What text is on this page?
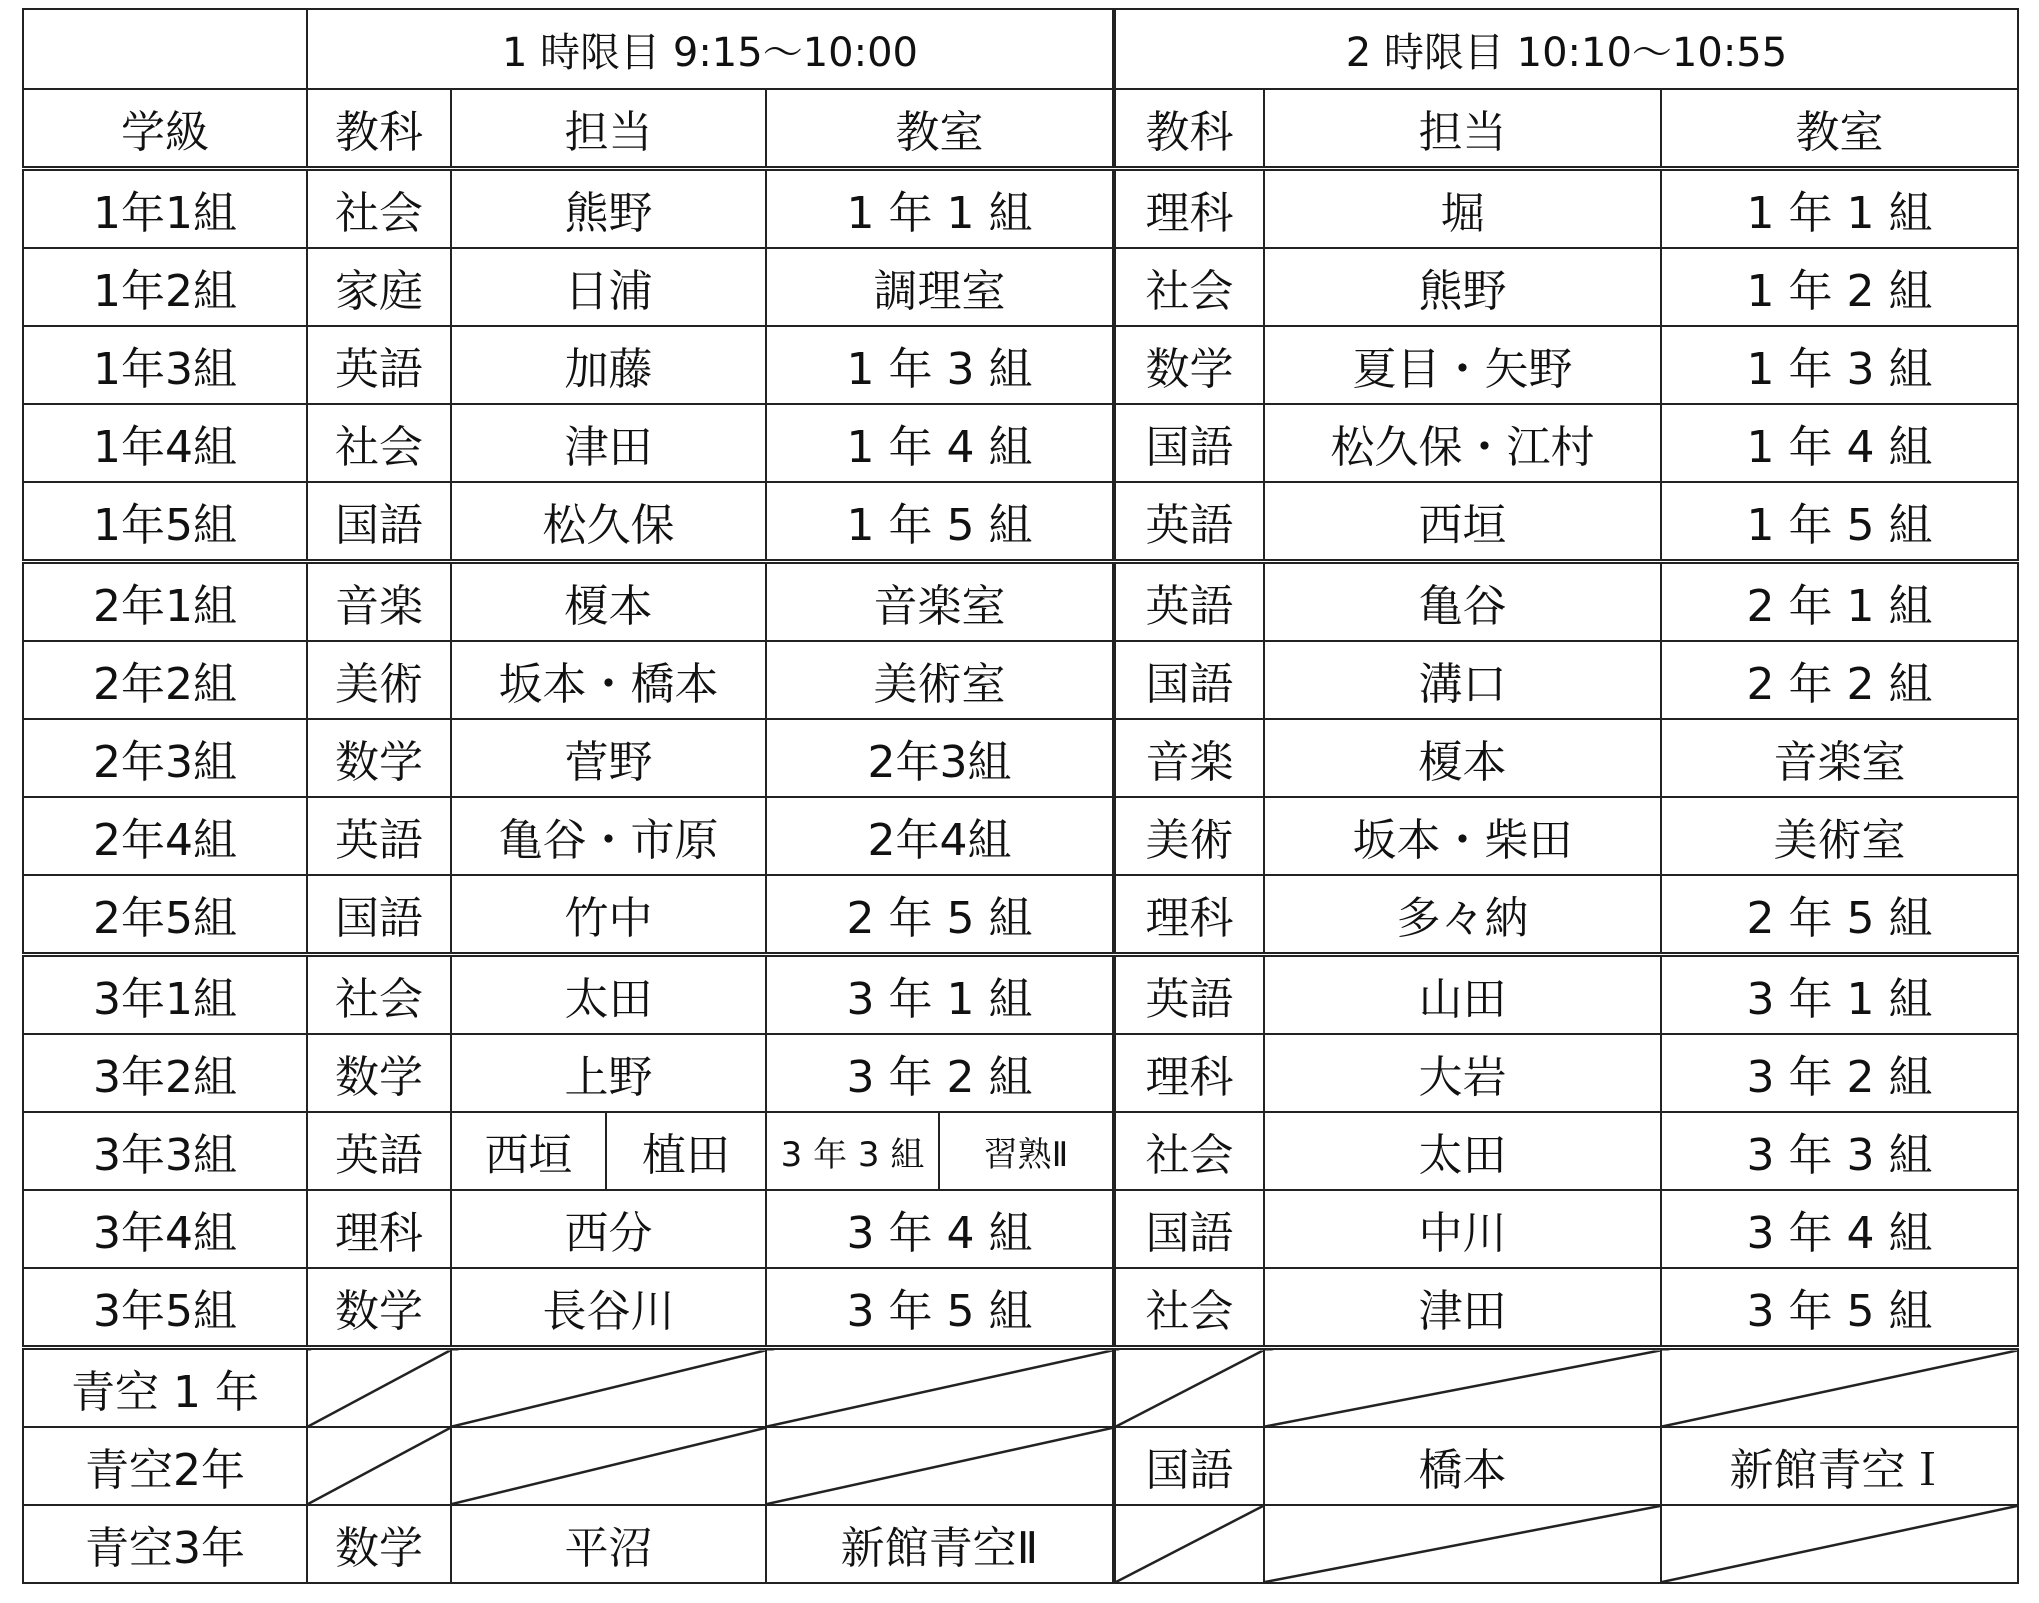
	1 時限目 9:15～10:00					2 時限目 10:10～10:55		
学級	教科	担当		教室		教科	担当	教室
1年1組	社会	熊野		1 年 1 組		理科	堀	1 年 1 組
1年2組	家庭	日浦		調理室		社会	熊野	1 年 2 組
1年3組	英語	加藤		1 年 3 組		数学	夏目・矢野	1 年 3 組
1年4組	社会	津田		1 年 4 組		国語	松久保・江村	1 年 4 組
1年5組	国語	松久保		1 年 5 組		英語	西垣	1 年 5 組
2年1組	音楽	榎本		音楽室		英語	亀谷	2 年 1 組
2年2組	美術	坂本・橋本		美術室		国語	溝口	2 年 2 組
2年3組	数学	菅野		2年3組		音楽	榎本	音楽室
2年4組	英語	亀谷・市原		2年4組		美術	坂本・柴田	美術室
2年5組	国語	竹中		2 年 5 組		理科	多々納	2 年 5 組
3年1組	社会	太田		3 年 1 組		英語	山田	3 年 1 組
3年2組	数学	上野		3 年 2 組		理科	大岩	3 年 2 組
3年3組	英語	西垣	植田	3 年 3 組	習熟Ⅱ	社会	太田	3 年 3 組
3年4組	理科	西分		3 年 4 組		国語	中川	3 年 4 組
3年5組	数学	長谷川		3 年 5 組		社会	津田	3 年 5 組
青空 1 年								
青空2年						国語	橋本	新館青空Ｉ
青空3年	数学	平沼		新館青空Ⅱ				
